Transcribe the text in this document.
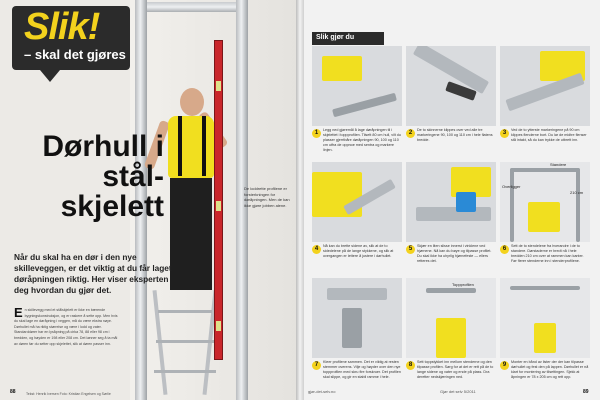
Slik!
– skal det gjøres
Dørhull i stål-skjelett
Når du skal ha en dør i den nye skilleveggen, er det viktig at du får laget døråpningen riktig. Her viser eksperten deg hvordan du gjør det.
E n skillevegg med et stålskjelett er ikke en bærende bygningskonstruksjon, og er raskere å sette opp. Men hvis du skal lage en døråpning i veggen, må du være ekstra nøye. Dørhullet må ha riktig størrelse og være i lodd og vater. Standarddører har en lysåpning på cirka 78, 88 eller 98 cm i bredden, og høyden er 198 eller 208 cm. Det lønner seg å ta mål av døren før du setter opp skjelettet, slik at døren passer inn.
De loddrette profilene er forsterkningen for døråpningen. Men de kan ikke gjøre jobben alene.
88	Tekst: Henrik Iversen Foto: Kristian Engelsen og Sørlie
Slik gjør du
1	Legg ned gjøremål å lage døråpningen til i skjelettet i toppprofilen. Tilsett 80 cm hull, vilt du plasser gjerrtbåre døråpningen 90, 100 og 110 cm utfra de oppnoe med sentra og markere linjen.
2	De to skinnerne klippes over ved alle tre markeringene 90, 100 og 110 cm i hele flatens bredde.
3	Ved de to ytterste markeringene på 90 cm klippes flenderne bort. Du lar de midtre flenser stå intakt, så du kan trykke de utbrett inn.
4	Nå kan du brette sidene av, slik at de to sidedelene på de lange stykkene, og slik at overgangen er lettere å justere i dørhullet.
5	Skjær en liten slisse innerst i vinklene ved hjørnene. Nå kan du bøye og tilpasse profilet. Du skal ikke ha uhyrlig hjørnefeste — ellers retteres det.
Standere
Overligger
210 cm
6	Sett de to stendelene fra hverandre i de to standere. Dørstaderne er bredt nå i hele bredden 210 cm over at rammen kan kanter. Før flerer stenderne inn i stenderprofilene.
7	Kleer profilene sammen. Det er viktig at resten stemmer overens. Vilje og høyder over den nye toppprofilen med skru fire forskruer. Det profilen skal slippe, og gir en stabil ramme i hele.
Toppprofilen
8	Sett toppstykket inn mellom stenderne og den tilpasse profilen. Sørg for at det er rett på de to lange sidene og vater og ende på plass. Dra deretter nedskjæringen ned.
9	Monter en bånd av lister der der kan tilpasse dørhullet og fest den på lappen. Dørhullet er nå klart for montering av tilsettingen. Sjekk at åpningen er 78 x 205 cm og rett opp.
gjør-det-selv.no	Gjør det selv 5/2011	89
